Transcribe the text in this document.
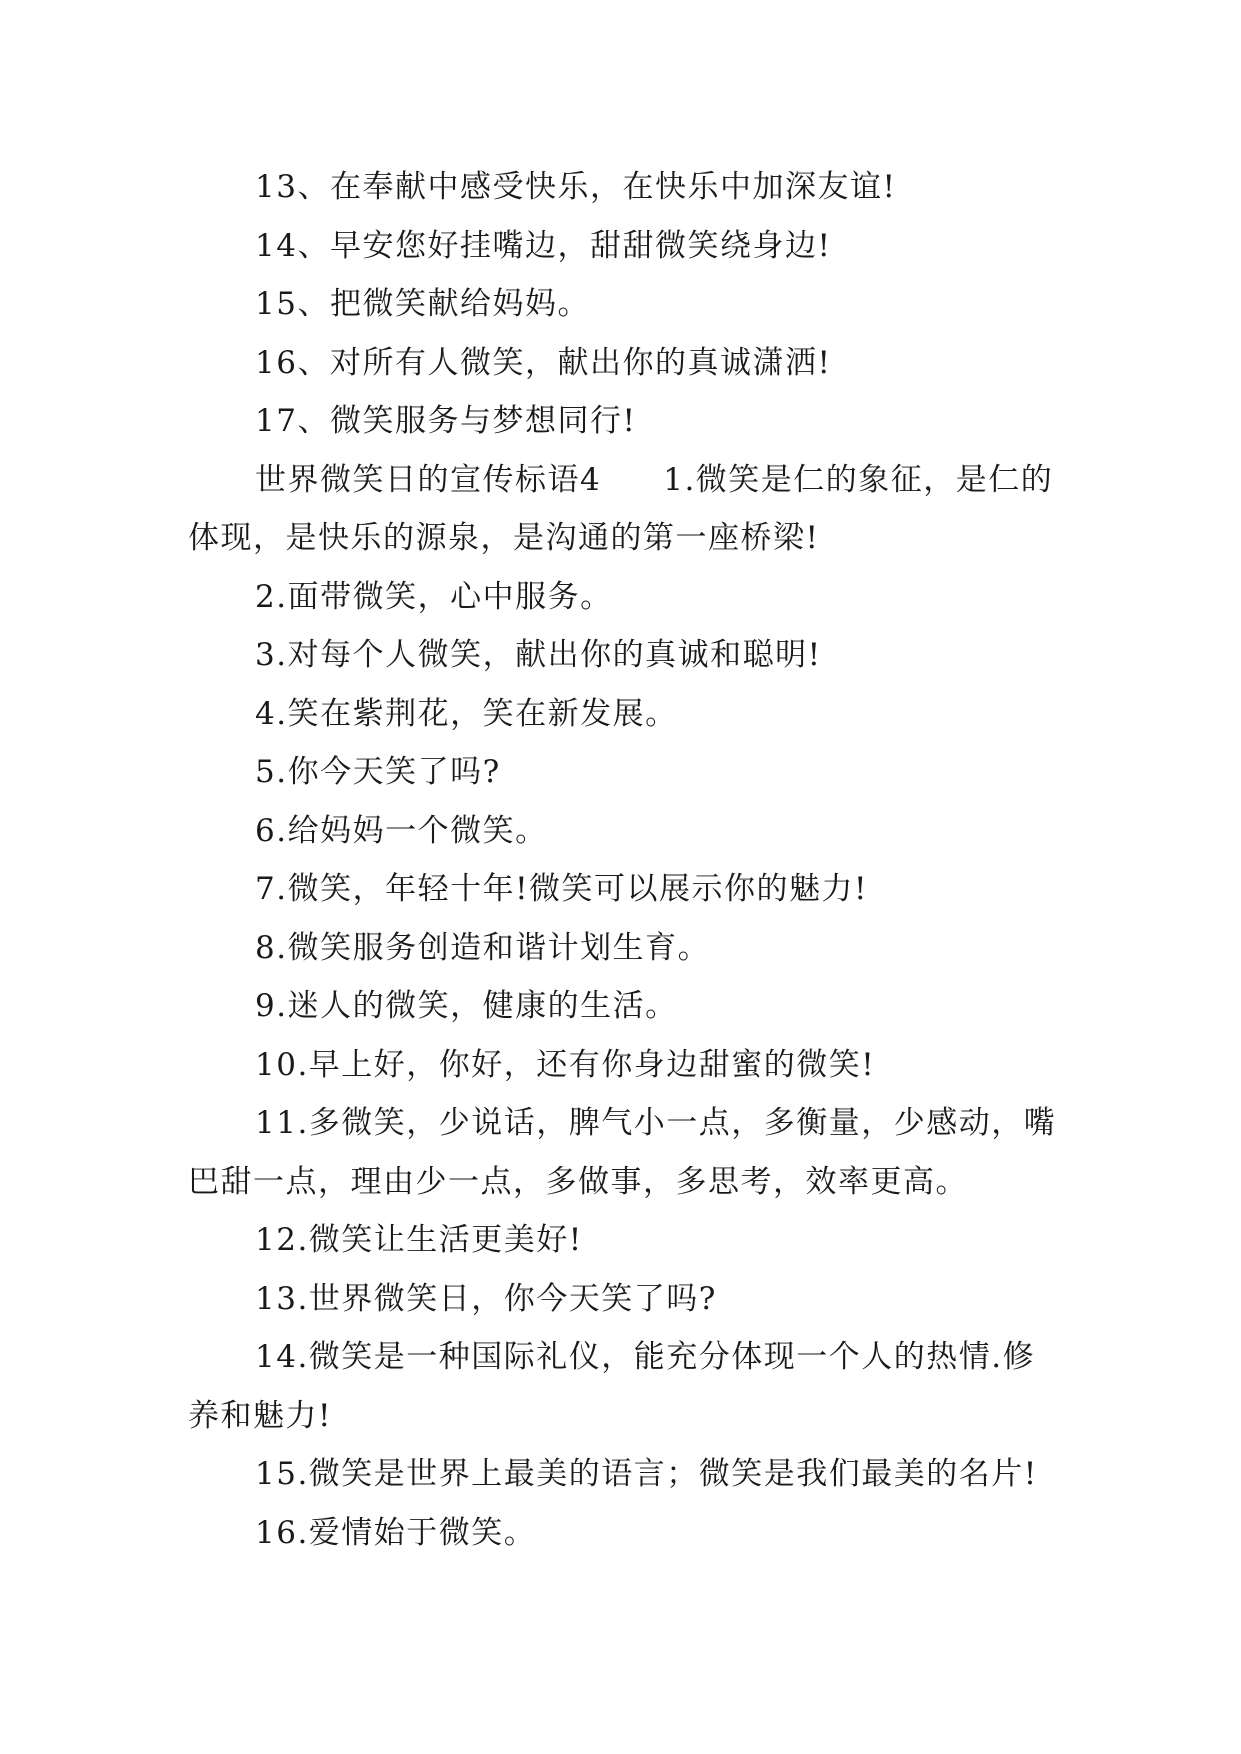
13、在奉献中感受快乐，在快乐中加深友谊!

14、早安您好挂嘴边，甜甜微笑绕身边!

15、把微笑献给妈妈。

16、对所有人微笑，献出你的真诚潇洒!

17、微笑服务与梦想同行!

世界微笑日的宣传标语4 1.微笑是仁的象征，是仁的体现，是快乐的源泉，是沟通的第一座桥梁!

2.面带微笑，心中服务。

3.对每个人微笑，献出你的真诚和聪明!

4.笑在紫荆花，笑在新发展。

5.你今天笑了吗?

6.给妈妈一个微笑。

7.微笑，年轻十年!微笑可以展示你的魅力!

8.微笑服务创造和谐计划生育。

9.迷人的微笑，健康的生活。

10.早上好，你好，还有你身边甜蜜的微笑!

11.多微笑，少说话，脾气小一点，多衡量，少感动，嘴巴甜一点，理由少一点，多做事，多思考，效率更高。

12.微笑让生活更美好!

13.世界微笑日，你今天笑了吗?

14.微笑是一种国际礼仪，能充分体现一个人的热情.修养和魅力!

15.微笑是世界上最美的语言；微笑是我们最美的名片!

16.爱情始于微笑。
